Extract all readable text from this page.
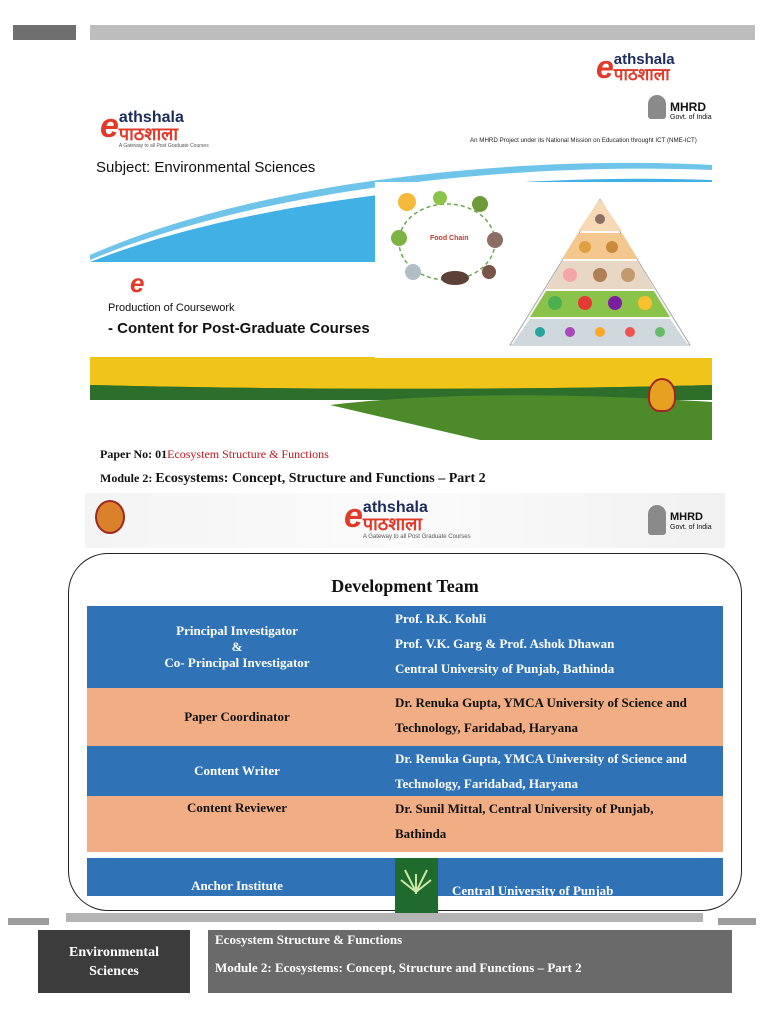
e athshala
पाठशाला
MHRD
Govt. of India
An MHRD Project under its National Mission on Education throught ICT (NME-ICT)
e athshala
पाठशाला
A Gateway to all Post Graduate Courses
Subject: Environmental Sciences
e
Production of Coursework
- Content for Post-Graduate Courses
Food Chain
Paper No: 01Ecosystem Structure & Functions
Module 2: Ecosystems: Concept, Structure and Functions – Part 2
e athshala
पाठशाला
A Gateway to all Post Graduate Courses
MHRD
Govt. of India
Development Team
Principal Investigator
&
Co- Principal Investigator
Prof. R.K. Kohli
Prof. V.K. Garg & Prof. Ashok Dhawan
Central University of Punjab, Bathinda
Paper Coordinator
Dr. Renuka Gupta, YMCA University of Science and
Technology, Faridabad, Haryana
Content Writer
Dr. Renuka Gupta, YMCA University of Science and
Technology, Faridabad, Haryana
Content Reviewer	Dr. Sunil Mittal, Central University of Punjab,
Bathinda
Anchor Institute	Central University of Punjab
Environmental
Sciences
Ecosystem Structure & Functions
Module 2: Ecosystems: Concept, Structure and Functions – Part 2
